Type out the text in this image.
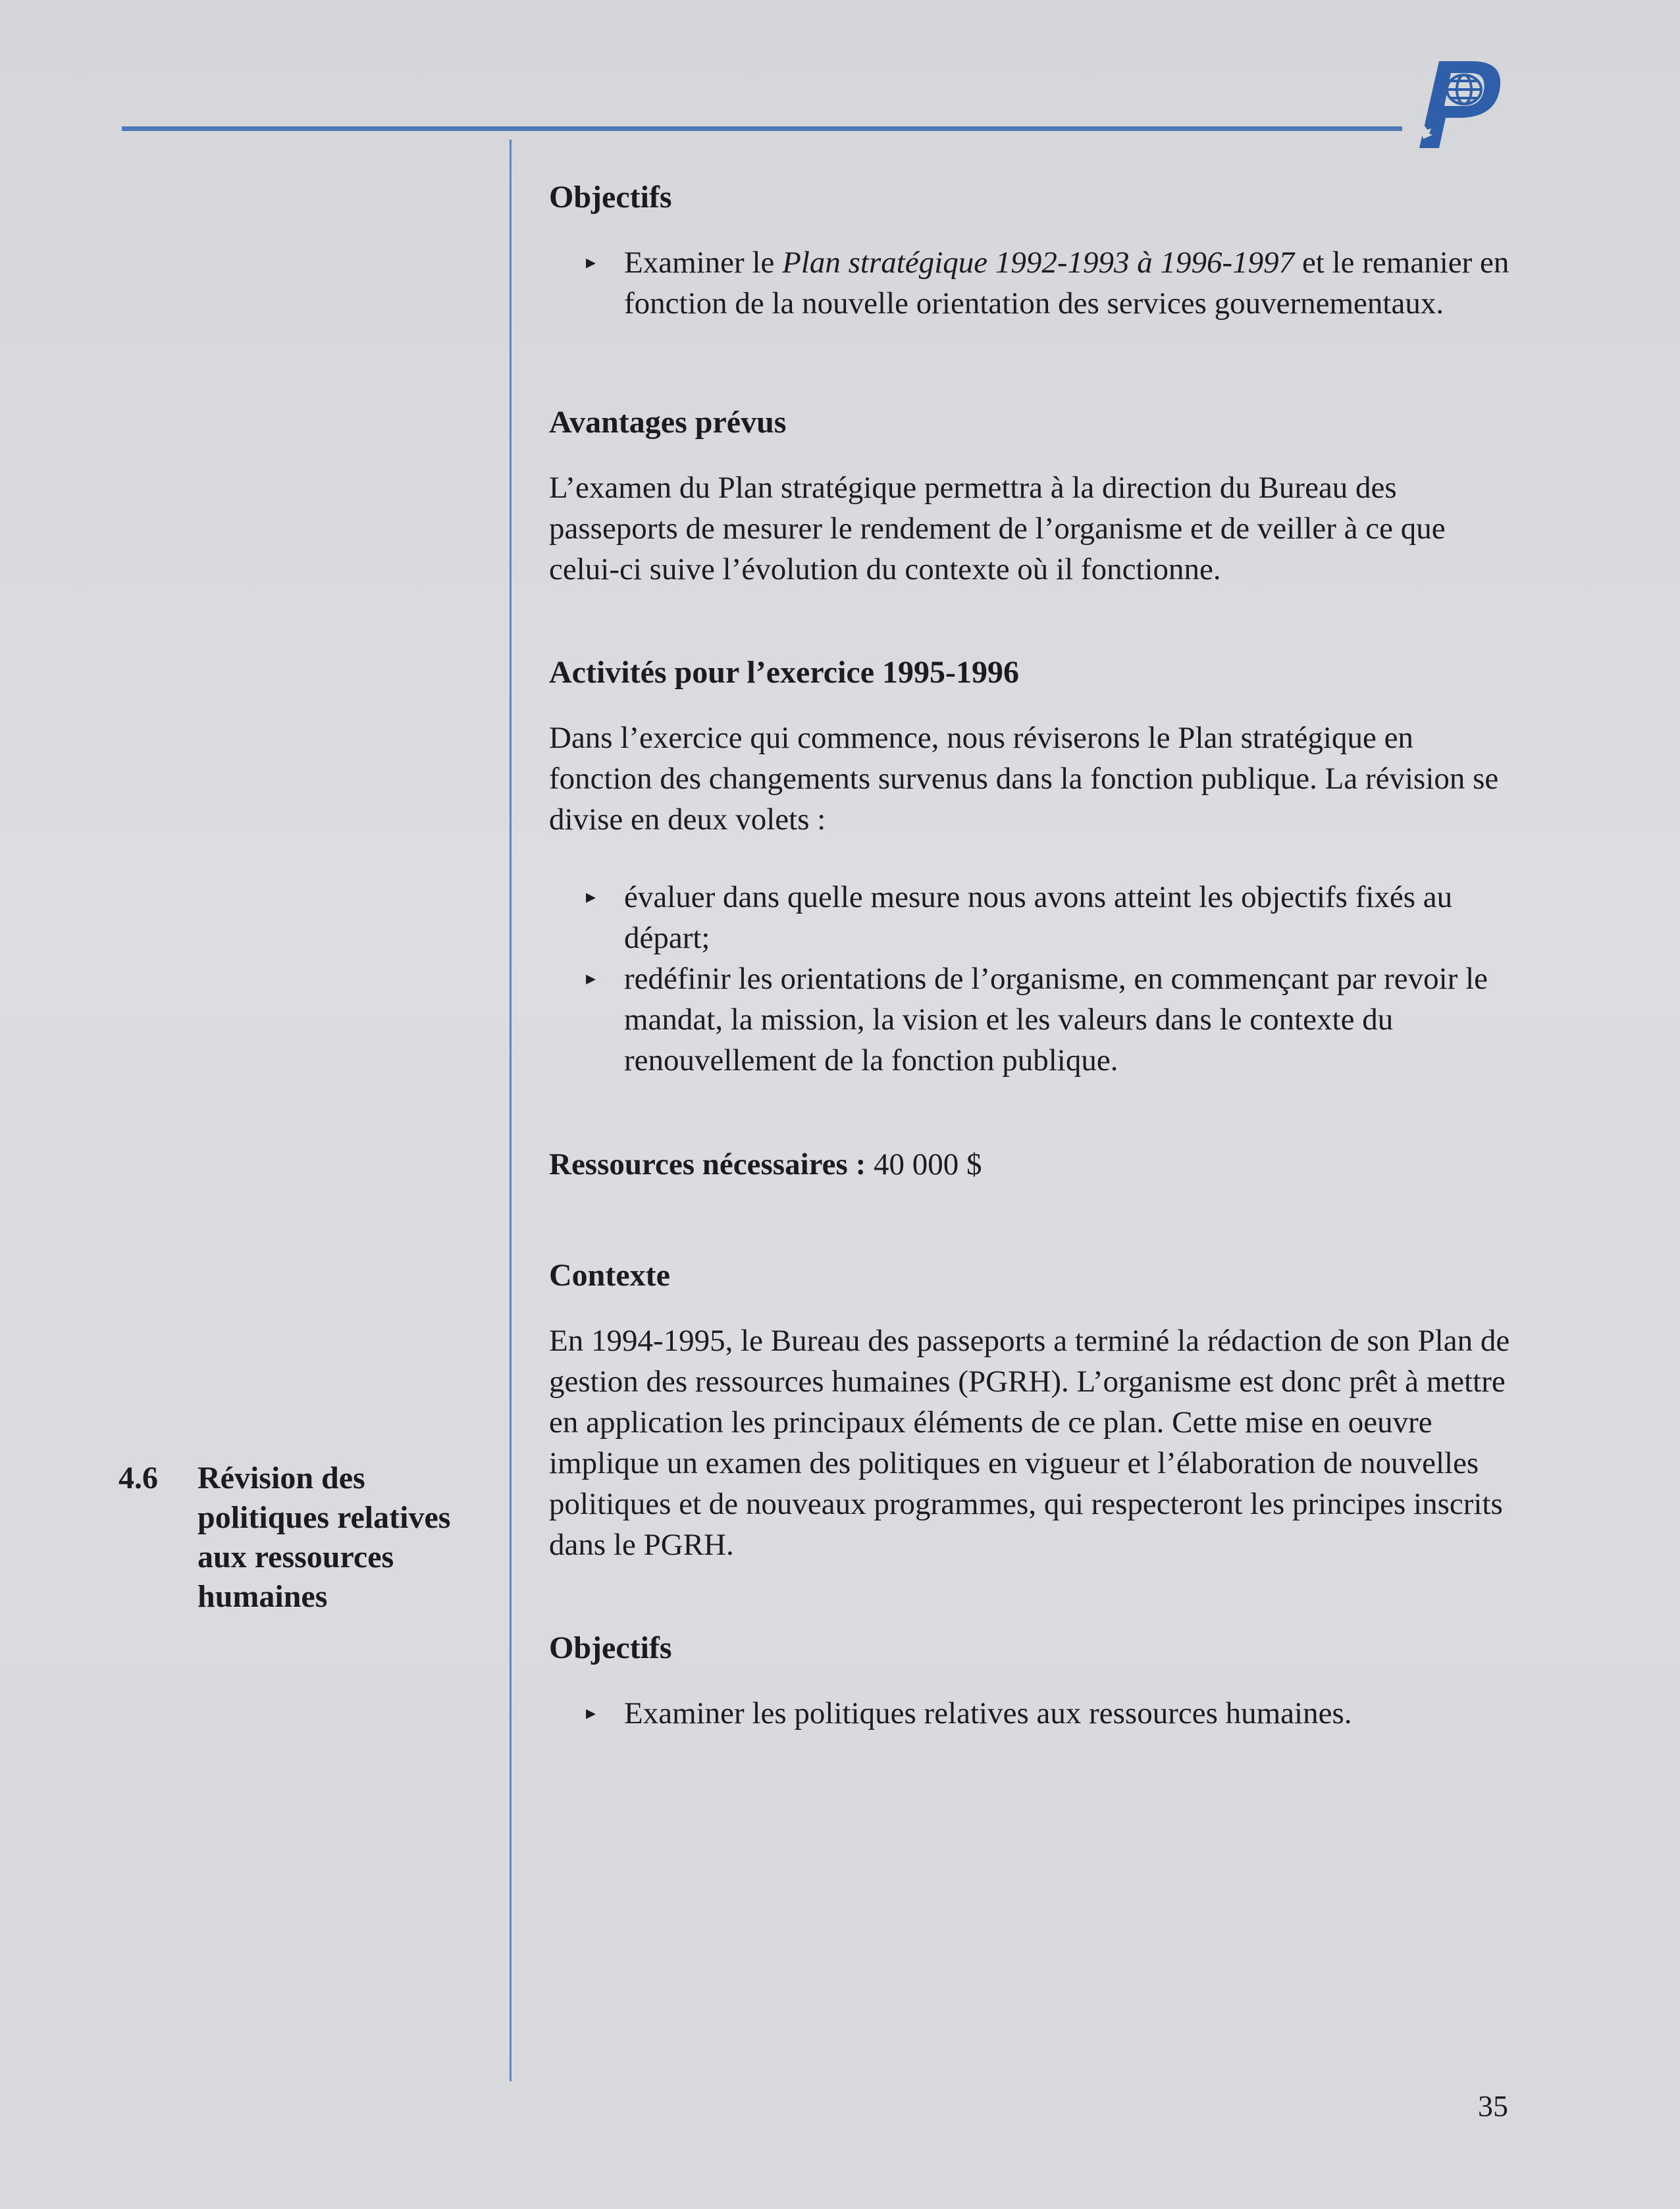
Objectifs
▸ Examiner le Plan stratégique 1992-1993 à 1996-1997 et le remanier en fonction de la nouvelle orientation des services gouvernementaux.
Avantages prévus

L’examen du Plan stratégique permettra à la direction du Bureau des passeports de mesurer le rendement de l’organisme et de veiller à ce que celui-ci suive l’évolution du contexte où il fonctionne.

Activités pour l’exercice 1995-1996

Dans l’exercice qui commence, nous réviserons le Plan stratégique en fonction des changements survenus dans la fonction publique. La révision se divise en deux volets :

▸ évaluer dans quelle mesure nous avons atteint les objectifs fixés au départ;
▸ redéfinir les orientations de l’organisme, en commençant par revoir le mandat, la mission, la vision et les valeurs dans le contexte du renouvellement de la fonction publique.
Ressources nécessaires : 40 000 $
Contexte

En 1994-1995, le Bureau des passeports a terminé la rédaction de son Plan de gestion des ressources humaines (PGRH). L’organisme est donc prêt à mettre en application les principaux éléments de ce plan. Cette mise en oeuvre implique un examen des politiques en vigueur et l’élaboration de nouvelles politiques et de nouveaux programmes, qui respecteront les principes inscrits dans le PGRH.

Objectifs
▸ Examiner les politiques relatives aux ressources humaines.
4.6 Révision des politiques relatives aux ressources humaines
35
